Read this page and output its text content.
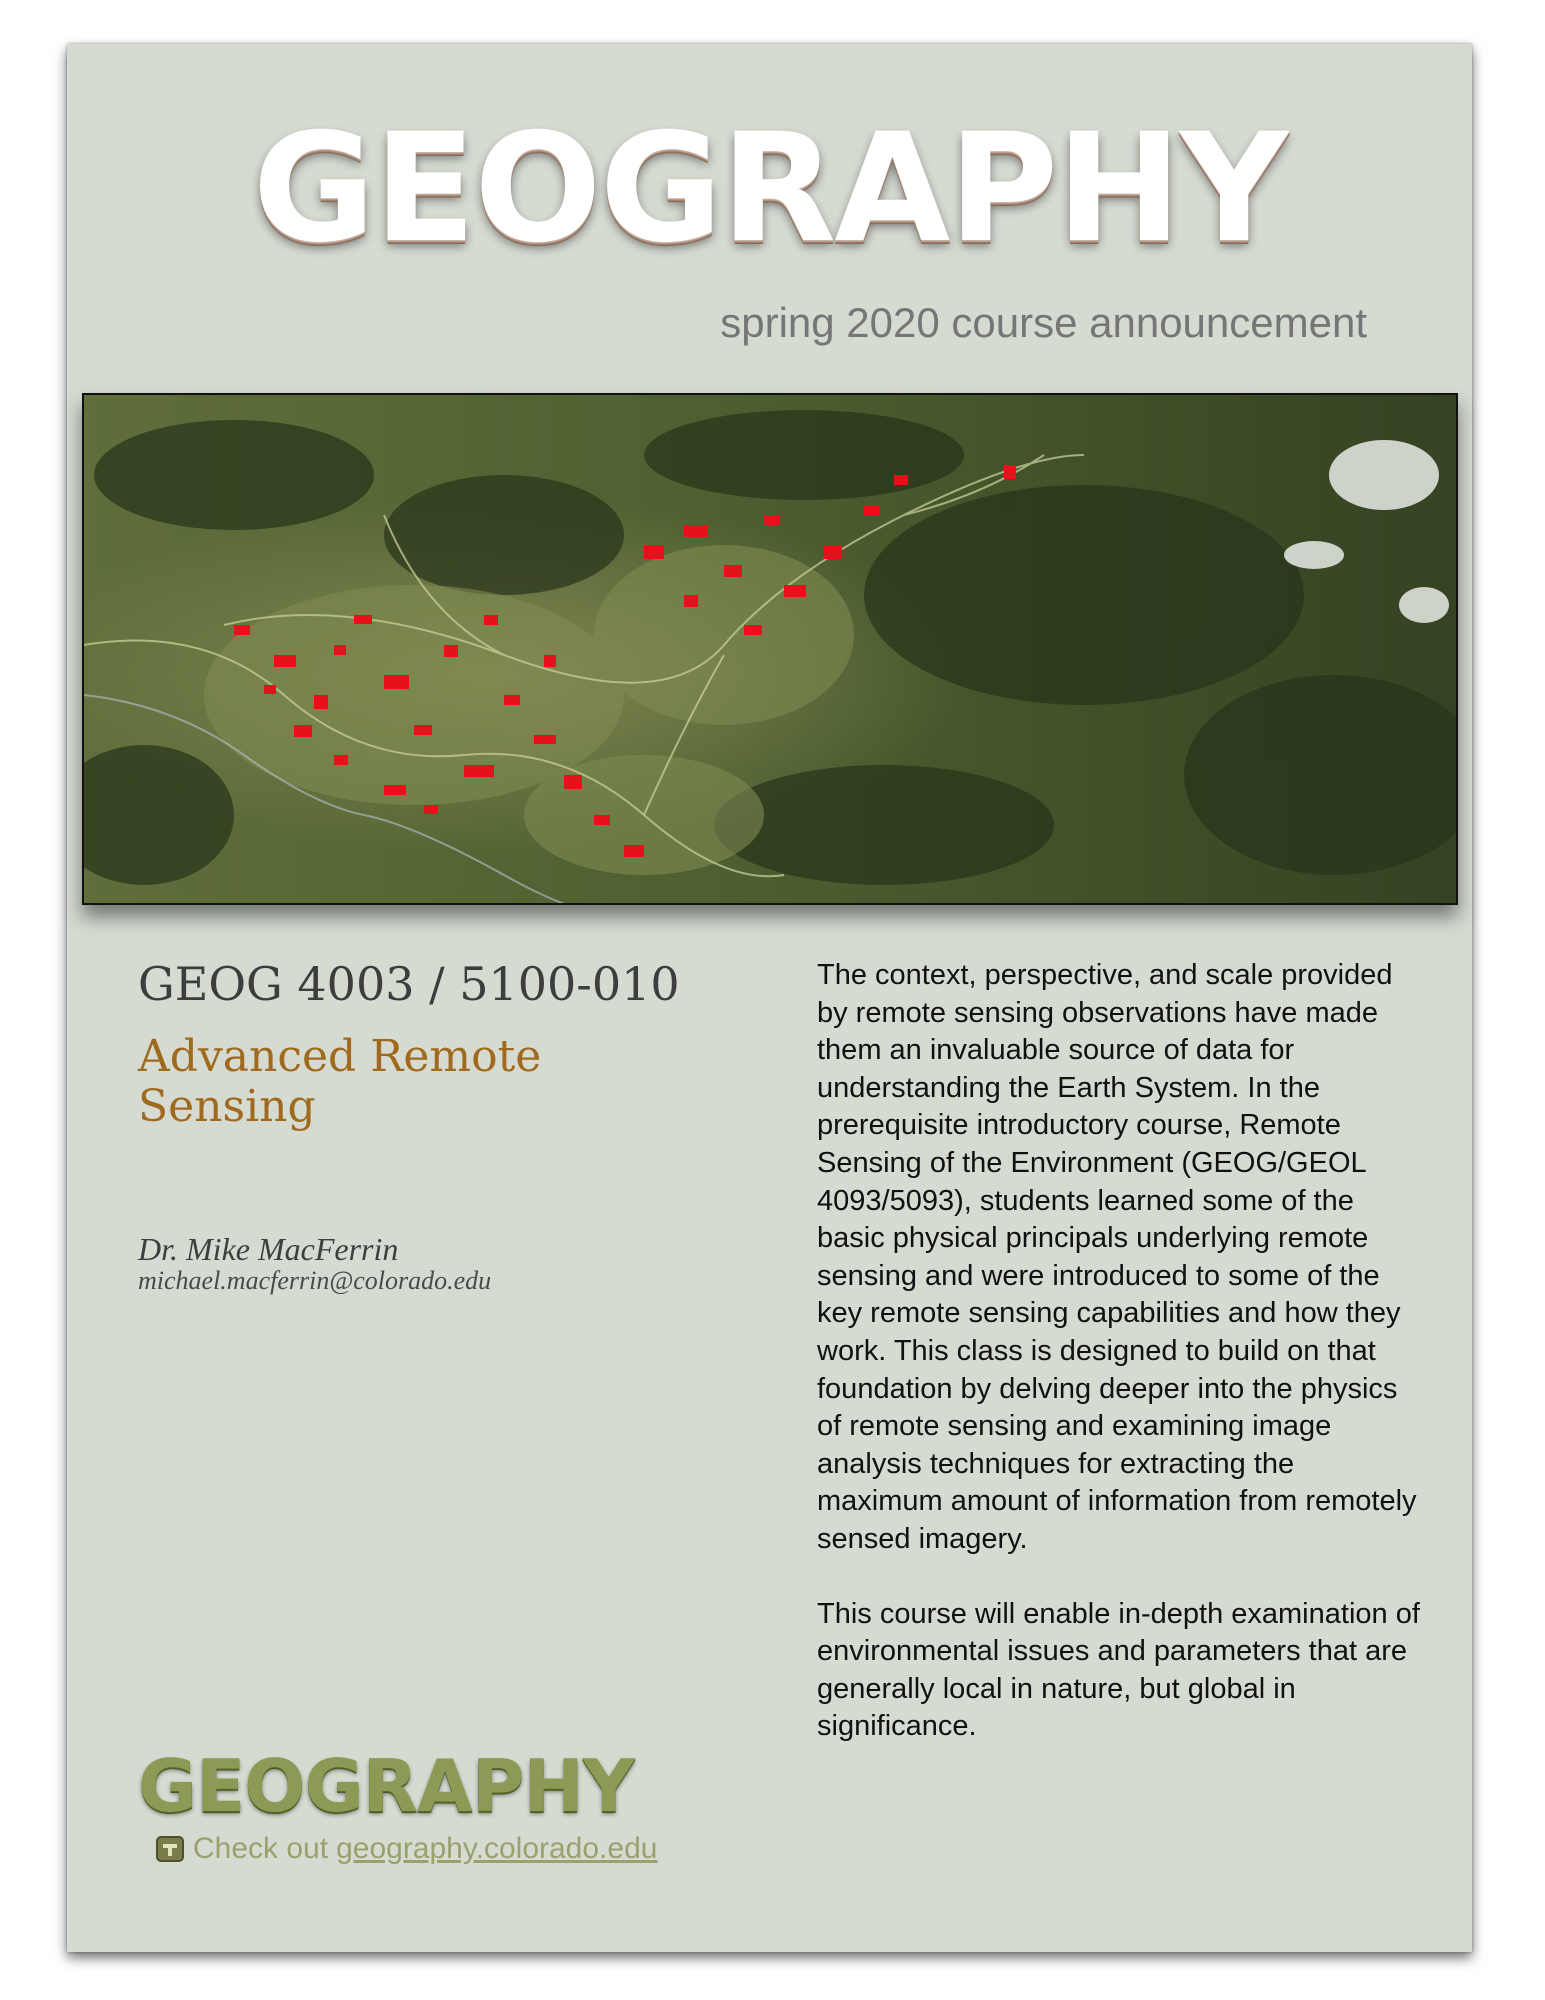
GEOGRAPHY
spring 2020 course announcement
GEOG 4003 / 5100-010
Advanced Remote Sensing
Dr. Mike MacFerrin
michael.macferrin@colorado.edu

The context, perspective, and scale provided by remote sensing observations have made them an invaluable source of data for understanding the Earth System. In the prerequisite introductory course, Remote Sensing of the Environment (GEOG/GEOL 4093/5093), students learned some of the basic physical principals underlying remote sensing and were introduced to some of the key remote sensing capabilities and how they work. This class is designed to build on that foundation by delving deeper into the physics of remote sensing and examining image analysis techniques for extracting the maximum amount of information from remotely sensed imagery.

This course will enable in-depth examination of environmental issues and parameters that are generally local in nature, but global in significance.

GEOGRAPHY
Check out geography.colorado.edu
